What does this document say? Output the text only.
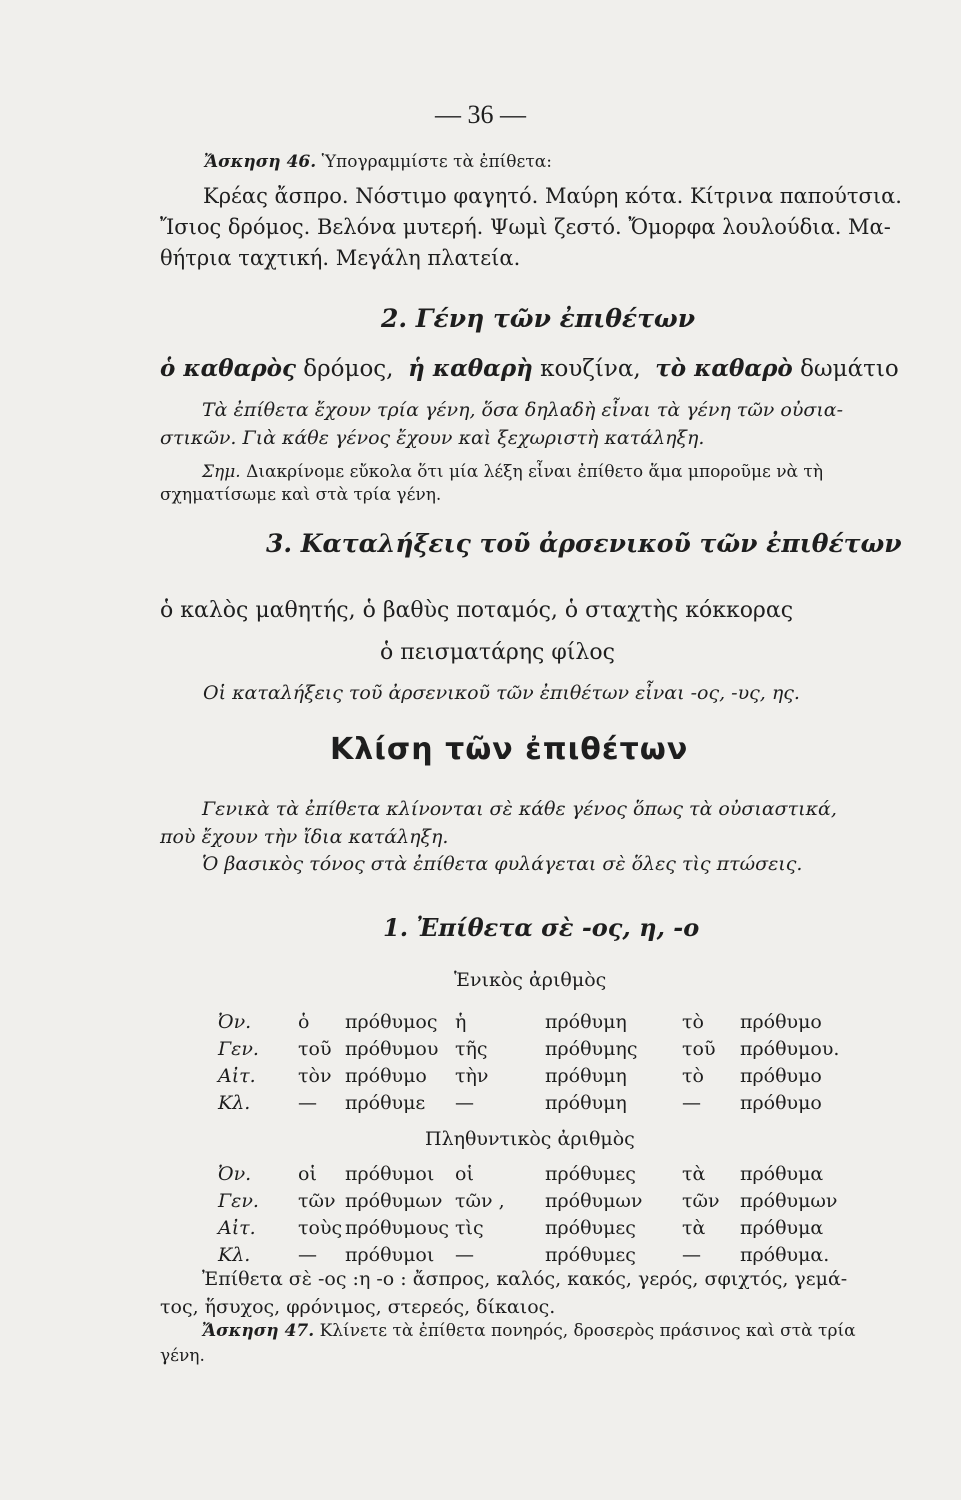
— 36 —
Ἄσκηση 46. Ὑπογραμμίστε τὰ ἐπίθετα:
Κρέας ἄσπρο. Νόστιμο φαγητό. Μαύρη κότα. Κίτρινα παπούτσια.
Ἴσιος δρόμος. Βελόνα μυτερή. Ψωμὶ ζεστό. Ὄμορφα λουλούδια. Μα-
θήτρια ταχτική. Μεγάλη πλατεία.
2. Γένη τῶν ἐπιθέτων
ὁ καθαρὸς δρόμος, ἡ καθαρὴ κουζίνα, τὸ καθαρὸ δωμάτιο
Τὰ ἐπίθετα ἔχουν τρία γένη, ὅσα δηλαδὴ εἶναι τὰ γένη τῶν οὐσια-
στικῶν. Γιὰ κάθε γένος ἔχουν καὶ ξεχωριστὴ κατάληξη.
Σημ. Διακρίνομε εὔκολα ὅτι μία λέξη εἶναι ἐπίθετο ἅμα μποροῦμε νὰ τὴ
σχηματίσωμε καὶ στὰ τρία γένη.
3. Καταλήξεις τοῦ ἀρσενικοῦ τῶν ἐπιθέτων
ὁ καλὸς μαθητής, ὁ βαθὺς ποταμός, ὁ σταχτὴς κόκκορας
ὁ πεισματάρης φίλος
Οἱ καταλήξεις τοῦ ἀρσενικοῦ τῶν ἐπιθέτων εἶναι -ος, -υς, ης.
Κλίση τῶν ἐπιθέτων
Γενικὰ τὰ ἐπίθετα κλίνονται σὲ κάθε γένος ὅπως τὰ οὐσιαστικά,
ποὺ ἔχουν τὴν ἴδια κατάληξη.
Ὁ βασικὸς τόνος στὰ ἐπίθετα φυλάγεται σὲ ὅλες τὶς πτώσεις.
1. Ἐπίθετα σὲ -ος, η, -ο
Ἑνικὸς ἀριθμὸς
Ὀν. ὁ πρόθυμος ἡ	πρόθυμη	τὸ πρόθυμο
Γεν. τοῦ πρόθυμου τῆς	πρόθυμης τοῦ πρόθυμου.
Αἰτ. τὸν πρόθυμο τὴν	πρόθυμη	τὸ πρόθυμο
Κλ.	— πρόθυμε —	πρόθυμη	— πρόθυμο
Πληθυντικὸς ἀριθμὸς
Ὀν. οἱ πρόθυμοι οἱ	πρόθυμες τὰ πρόθυμα
Γεν. τῶν πρόθυμων τῶν , πρόθυμων τῶν πρόθυμων
Αἰτ. τοὺς πρόθυμους τὶς	πρόθυμες τὰ πρόθυμα
Κλ.	— πρόθυμοι —	πρόθυμες — πρόθυμα.
Ἐπίθετα σὲ -ος :η -ο : ἄσπρος, καλός, κακός, γερός, σφιχτός, γεμά-
τος, ἥσυχος, φρόνιμος, στερεός, δίκαιος.
Ἄσκηση 47. Κλίνετε τὰ ἐπίθετα πονηρός, δροσερὸς πράσινος καὶ στὰ τρία
γένη.
